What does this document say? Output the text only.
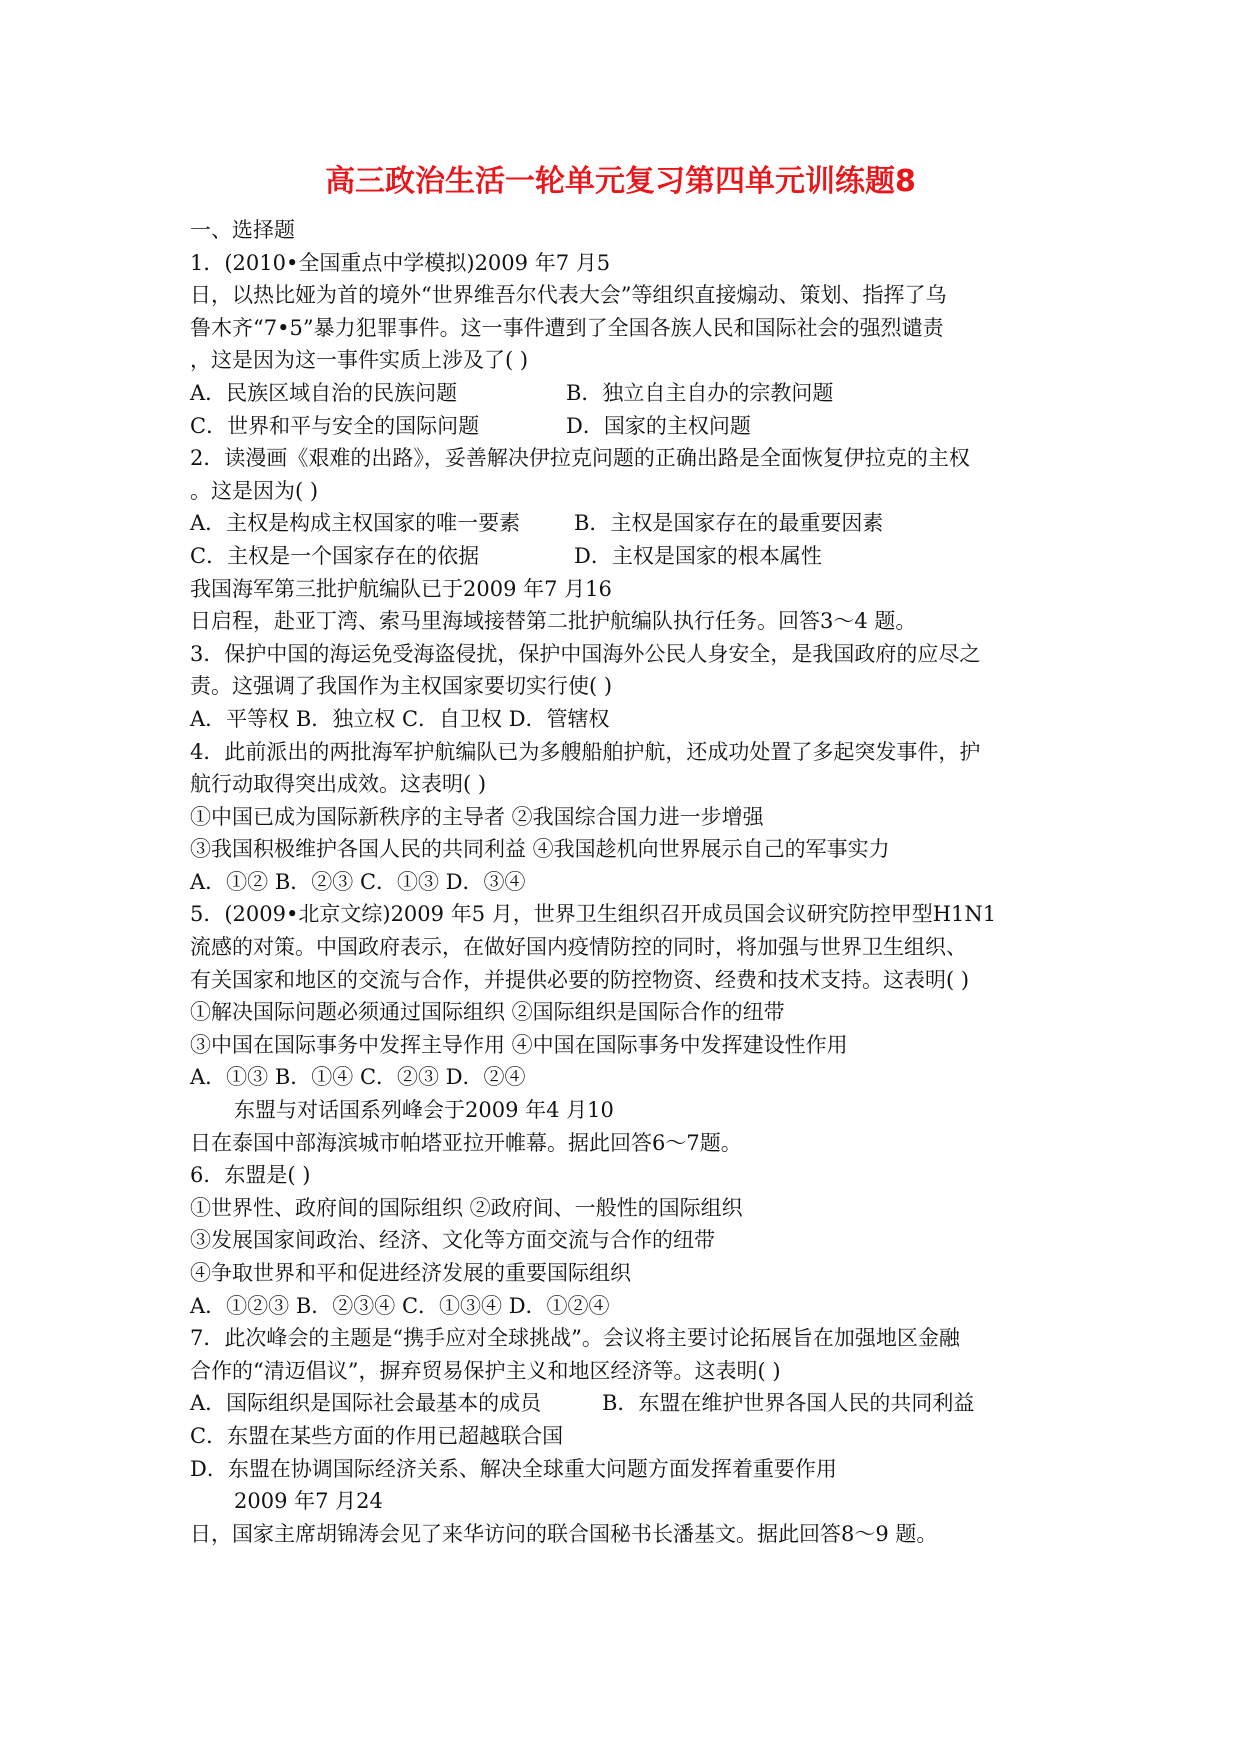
高三政治生活一轮单元复习第四单元训练题8
一、选择题
1．(2010•全国重点中学模拟)2009 年7 月5
日，以热比娅为首的境外“世界维吾尔代表大会”等组织直接煽动、策划、指挥了乌
鲁木齐“7•5”暴力犯罪事件。这一事件遭到了全国各族人民和国际社会的强烈谴责
，这是因为这一事件实质上涉及了( )
A．民族区域自治的民族问题	B．独立自主自办的宗教问题
C．世界和平与安全的国际问题	D．国家的主权问题
2．读漫画《艰难的出路》，妥善解决伊拉克问题的正确出路是全面恢复伊拉克的主权
。这是因为( )
A．主权是构成主权国家的唯一要素	B．主权是国家存在的最重要因素
C．主权是一个国家存在的依据	D．主权是国家的根本属性
我国海军第三批护航编队已于2009 年7 月16
日启程，赴亚丁湾、索马里海域接替第二批护航编队执行任务。回答3～4 题。
3．保护中国的海运免受海盗侵扰，保护中国海外公民人身安全，是我国政府的应尽之
责。这强调了我国作为主权国家要切实行使( )
A．平等权 B．独立权 C．自卫权 D．管辖权
4．此前派出的两批海军护航编队已为多艘船舶护航，还成功处置了多起突发事件，护
航行动取得突出成效。这表明( )
①中国已成为国际新秩序的主导者 ②我国综合国力进一步增强
③我国积极维护各国人民的共同利益 ④我国趁机向世界展示自己的军事实力
A．①② B．②③ C．①③ D．③④
5．(2009•北京文综)2009 年5 月，世界卫生组织召开成员国会议研究防控甲型H1N1
流感的对策。中国政府表示，在做好国内疫情防控的同时，将加强与世界卫生组织、
有关国家和地区的交流与合作，并提供必要的防控物资、经费和技术支持。这表明( )
①解决国际问题必须通过国际组织 ②国际组织是国际合作的纽带
③中国在国际事务中发挥主导作用 ④中国在国际事务中发挥建设性作用
A．①③ B．①④ C．②③ D．②④
东盟与对话国系列峰会于2009 年4 月10
日在泰国中部海滨城市帕塔亚拉开帷幕。据此回答6～7题。
6．东盟是( )
①世界性、政府间的国际组织 ②政府间、一般性的国际组织
③发展国家间政治、经济、文化等方面交流与合作的纽带
④争取世界和平和促进经济发展的重要国际组织
A．①②③ B．②③④ C．①③④ D．①②④
7．此次峰会的主题是“携手应对全球挑战”。会议将主要讨论拓展旨在加强地区金融
合作的“清迈倡议”，摒弃贸易保护主义和地区经济等。这表明( )
A．国际组织是国际社会最基本的成员	B．东盟在维护世界各国人民的共同利益
C．东盟在某些方面的作用已超越联合国
D．东盟在协调国际经济关系、解决全球重大问题方面发挥着重要作用
2009 年7 月24
日，国家主席胡锦涛会见了来华访问的联合国秘书长潘基文。据此回答8～9 题。
